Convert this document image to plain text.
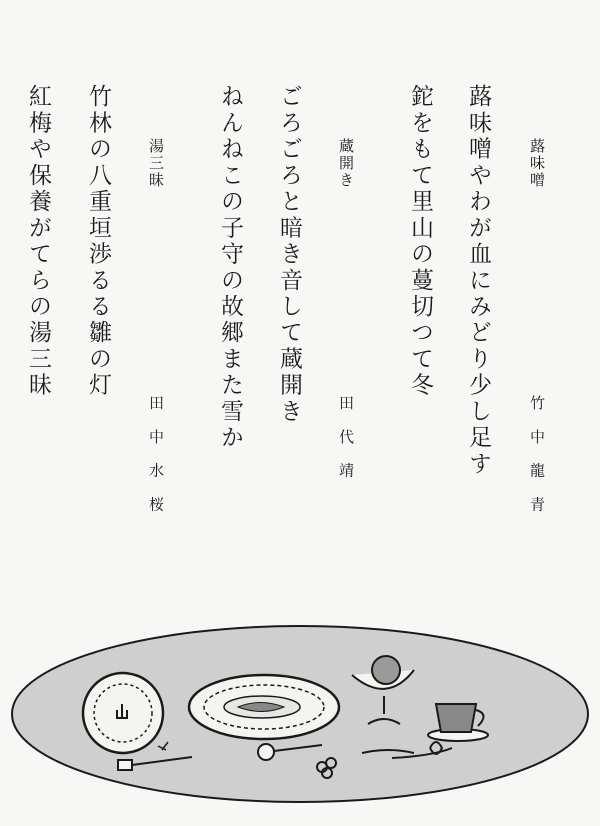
蕗味噌
蕗味噌やわが血にみどり少し足す
鉈をもて里山の蔓切つて冬
竹中龍青
蔵開き
ごろごろと暗き音して蔵開き
ねんねこの子守の故郷また雪か	田代靖
湯三昧
竹林の八重垣渉るる雛の灯
紅梅や保養がてらの湯三昧
田中水桜
